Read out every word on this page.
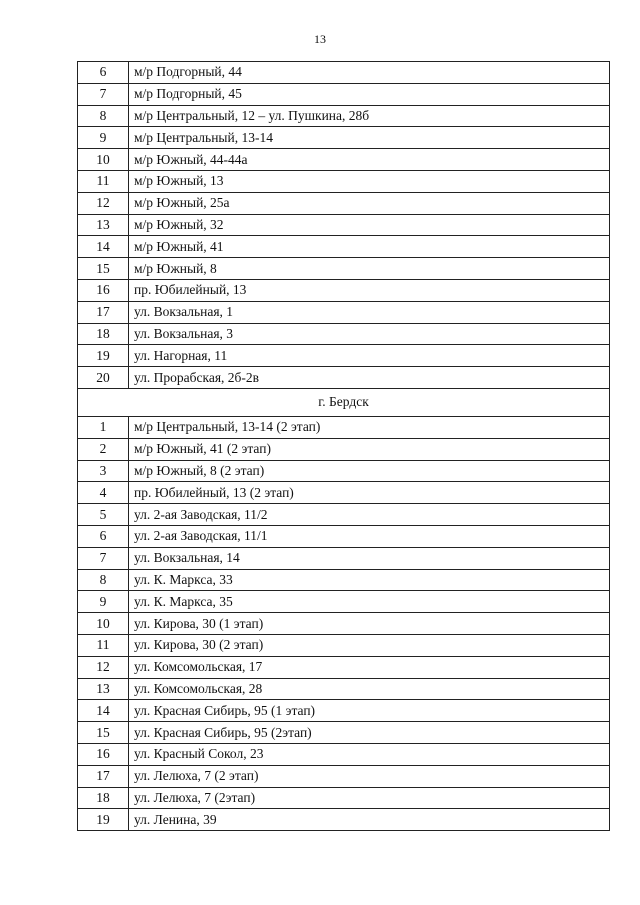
13
6	м/р Подгорный, 44
7	м/р Подгорный, 45
8	м/р Центральный, 12 – ул. Пушкина, 28б
9	м/р Центральный, 13-14
10	м/р Южный, 44-44а
11	м/р Южный, 13
12	м/р Южный, 25а
13	м/р Южный, 32
14	м/р Южный, 41
15	м/р Южный, 8
16	пр. Юбилейный, 13
17	ул. Вокзальная, 1
18	ул. Вокзальная, 3
19	ул. Нагорная, 11
20	ул. Прорабская, 2б-2в
г. Бердск	
1	м/р Центральный, 13-14 (2 этап)
2	м/р Южный, 41 (2 этап)
3	м/р Южный, 8 (2 этап)
4	пр. Юбилейный, 13 (2 этап)
5	ул. 2-ая Заводская, 11/2
6	ул. 2-ая Заводская, 11/1
7	ул. Вокзальная, 14
8	ул. К. Маркса, 33
9	ул. К. Маркса, 35
10	ул. Кирова, 30 (1 этап)
11	ул. Кирова, 30 (2 этап)
12	ул. Комсомольская, 17
13	ул. Комсомольская, 28
14	ул. Красная Сибирь, 95 (1 этап)
15	ул. Красная Сибирь, 95 (2этап)
16	ул. Красный Сокол, 23
17	ул. Лелюха, 7 (2 этап)
18	ул. Лелюха, 7 (2этап)
19	ул. Ленина, 39
